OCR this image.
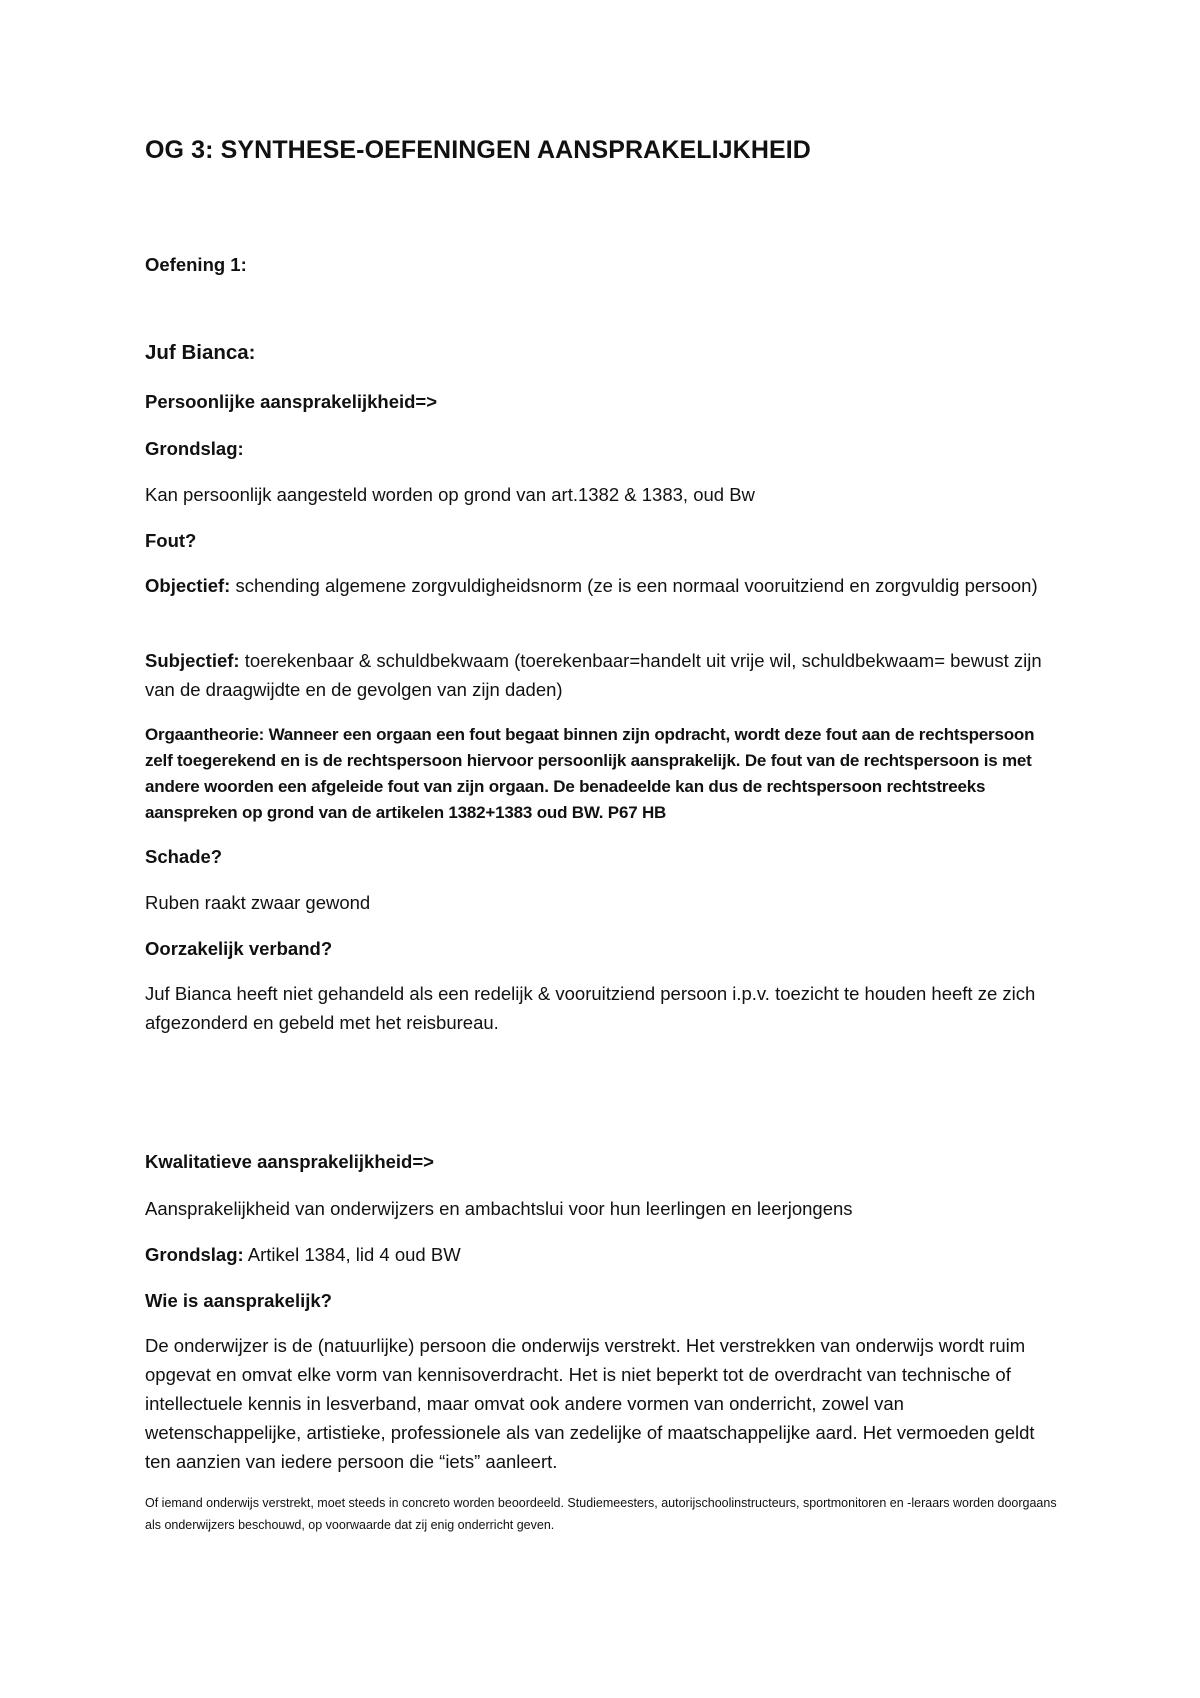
OG 3: SYNTHESE-OEFENINGEN AANSPRAKELIJKHEID

Oefening 1:

Juf Bianca:

Persoonlijke aansprakelijkheid=>

Grondslag:

Kan persoonlijk aangesteld worden op grond van art.1382 & 1383, oud Bw

Fout?

Objectief: schending algemene zorgvuldigheidsnorm (ze is een normaal vooruitziend en zorgvuldig persoon)

Subjectief: toerekenbaar & schuldbekwaam (toerekenbaar=handelt uit vrije wil, schuldbekwaam= bewust zijn van de draagwijdte en de gevolgen van zijn daden)

Orgaantheorie: Wanneer een orgaan een fout begaat binnen zijn opdracht, wordt deze fout aan de rechtspersoon zelf toegerekend en is de rechtspersoon hiervoor persoonlijk aansprakelijk. De fout van de rechtspersoon is met andere woorden een afgeleide fout van zijn orgaan. De benadeelde kan dus de rechtspersoon rechtstreeks aanspreken op grond van de artikelen 1382+1383 oud BW. P67 HB

Schade?

Ruben raakt zwaar gewond

Oorzakelijk verband?

Juf Bianca heeft niet gehandeld als een redelijk & vooruitziend persoon i.p.v. toezicht te houden heeft ze zich afgezonderd en gebeld met het reisbureau.

Kwalitatieve aansprakelijkheid=>

Aansprakelijkheid van onderwijzers en ambachtslui voor hun leerlingen en leerjongens

Grondslag: Artikel 1384, lid 4 oud BW

Wie is aansprakelijk?

De onderwijzer is de (natuurlijke) persoon die onderwijs verstrekt. Het verstrekken van onderwijs wordt ruim opgevat en omvat elke vorm van kennisoverdracht. Het is niet beperkt tot de overdracht van technische of intellectuele kennis in lesverband, maar omvat ook andere vormen van onderricht, zowel van wetenschappelijke, artistieke, professionele als van zedelijke of maatschappelijke aard. Het vermoeden geldt ten aanzien van iedere persoon die “iets” aanleert.

Of iemand onderwijs verstrekt, moet steeds in concreto worden beoordeeld. Studiemeesters, autorijschoolinstructeurs, sportmonitoren en -leraars worden doorgaans als onderwijzers beschouwd, op voorwaarde dat zij enig onderricht geven.
